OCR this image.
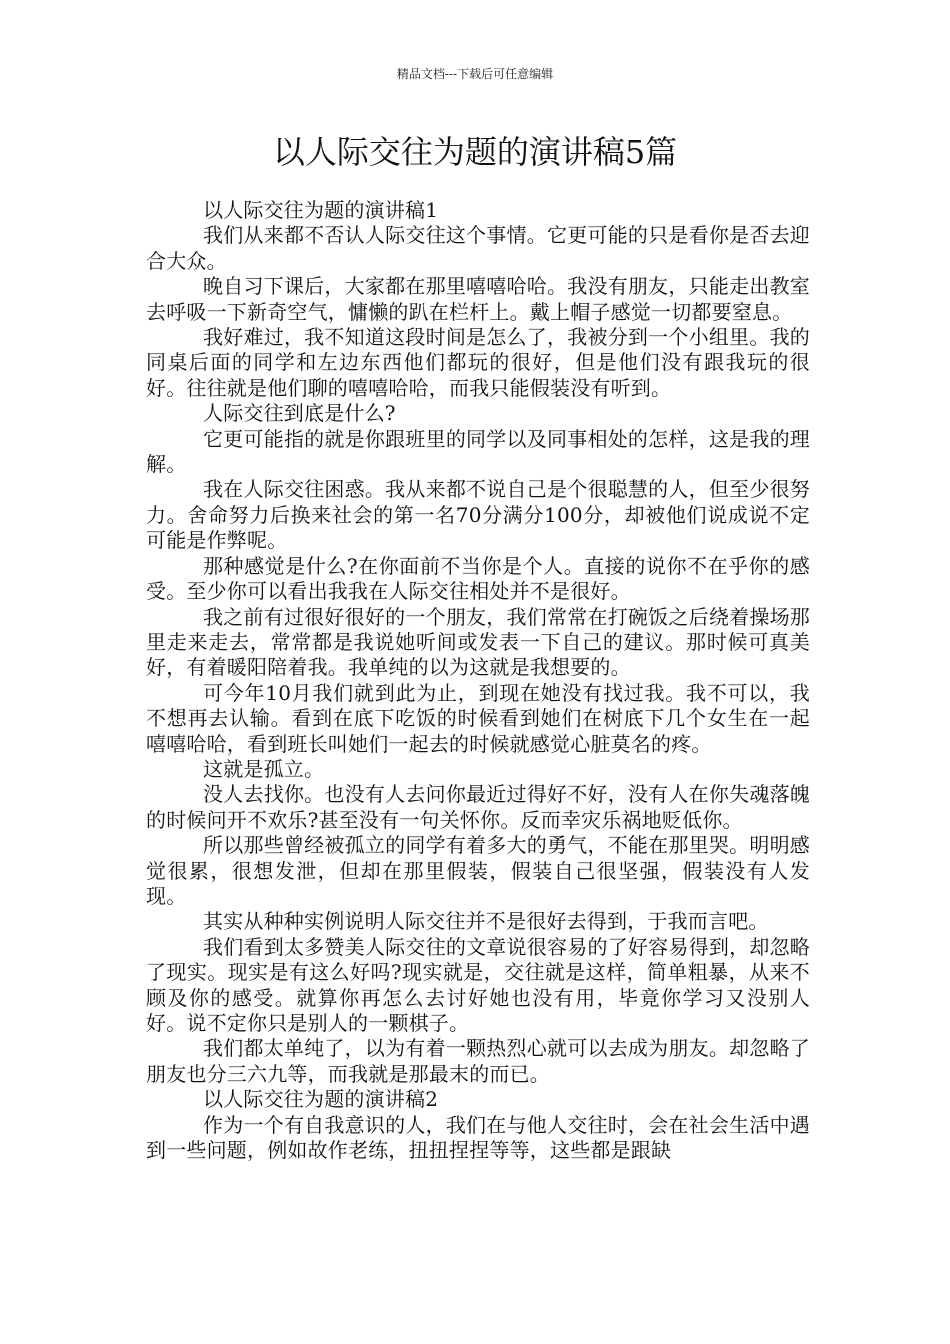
精品文档---下载后可任意编辑
以人际交往为题的演讲稿5篇

以人际交往为题的演讲稿1

我们从来都不否认人际交往这个事情。它更可能的只是看你是否去迎合大众。

晚自习下课后，大家都在那里嘻嘻哈哈。我没有朋友，只能走出教室去呼吸一下新奇空气，慵懒的趴在栏杆上。戴上帽子感觉一切都要窒息。

我好难过，我不知道这段时间是怎么了，我被分到一个小组里。我的同桌后面的同学和左边东西他们都玩的很好，但是他们没有跟我玩的很好。往往就是他们聊的嘻嘻哈哈，而我只能假装没有听到。

人际交往到底是什么?

它更可能指的就是你跟班里的同学以及同事相处的怎样，这是我的理解。

我在人际交往困惑。我从来都不说自己是个很聪慧的人，但至少很努力。舍命努力后换来社会的第一名70分满分100分，却被他们说成说不定可能是作弊呢。

那种感觉是什么?在你面前不当你是个人。直接的说你不在乎你的感受。至少你可以看出我我在人际交往相处并不是很好。

我之前有过很好很好的一个朋友，我们常常在打碗饭之后绕着操场那里走来走去，常常都是我说她听间或发表一下自己的建议。那时候可真美好，有着暖阳陪着我。我单纯的以为这就是我想要的。

可今年10月我们就到此为止，到现在她没有找过我。我不可以，我不想再去认输。看到在底下吃饭的时候看到她们在树底下几个女生在一起嘻嘻哈哈，看到班长叫她们一起去的时候就感觉心脏莫名的疼。

这就是孤立。

没人去找你。也没有人去问你最近过得好不好，没有人在你失魂落魄的时候问开不欢乐?甚至没有一句关怀你。反而幸灾乐祸地贬低你。

所以那些曾经被孤立的同学有着多大的勇气，不能在那里哭。明明感觉很累，很想发泄，但却在那里假装，假装自己很坚强，假装没有人发现。

其实从种种实例说明人际交往并不是很好去得到，于我而言吧。

我们看到太多赞美人际交往的文章说很容易的了好容易得到，却忽略了现实。现实是有这么好吗?现实就是，交往就是这样，简单粗暴，从来不顾及你的感受。就算你再怎么去讨好她也没有用，毕竟你学习又没别人好。说不定你只是别人的一颗棋子。

我们都太单纯了，以为有着一颗热烈心就可以去成为朋友。却忽略了朋友也分三六九等，而我就是那最末的而已。

以人际交往为题的演讲稿2

作为一个有自我意识的人，我们在与他人交往时，会在社会生活中遇到一些问题，例如故作老练，扭扭捏捏等等，这些都是跟缺
